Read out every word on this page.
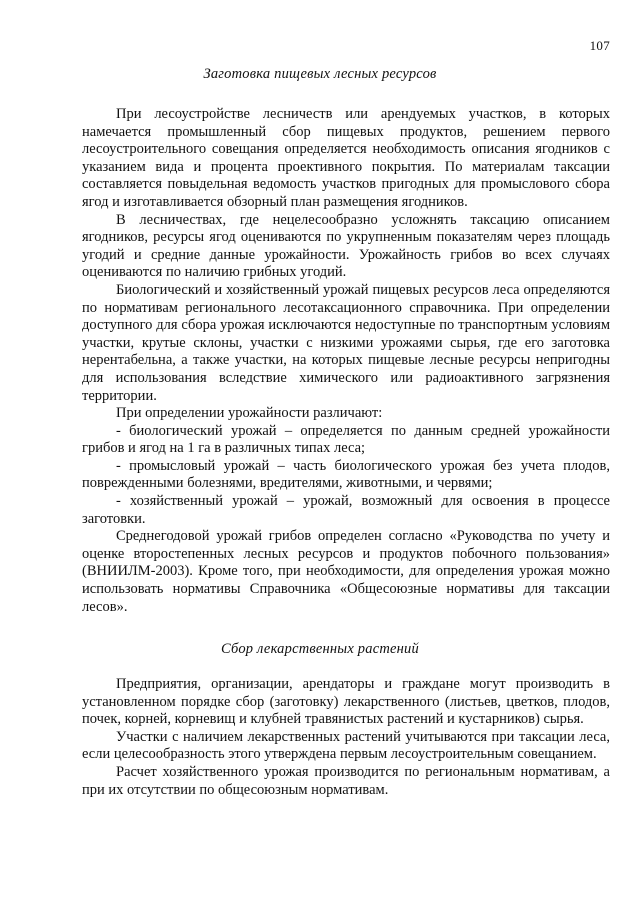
107
Заготовка пищевых лесных ресурсов

При лесоустройстве лесничеств или арендуемых участков, в которых намечается промышленный сбор пищевых продуктов, решением первого лесоустроительного совещания определяется необходимость описания ягодников с указанием вида и процента проективного покрытия. По материалам таксации составляется повыдельная ведомость участков пригодных для промыслового сбора ягод и изготавливается обзорный план размещения ягодников.

В лесничествах, где нецелесообразно усложнять таксацию описанием ягодников, ресурсы ягод оцениваются по укрупненным показателям через площадь угодий и средние данные урожайности. Урожайность грибов во всех случаях оцениваются по наличию грибных угодий.

Биологический и хозяйственный урожай пищевых ресурсов леса определяются по нормативам регионального лесотаксационного справочника. При определении доступного для сбора урожая исключаются недоступные по транспортным условиям участки, крутые склоны, участки с низкими урожаями сырья, где его заготовка нерентабельна, а также участки, на которых пищевые лесные ресурсы непригодны для использования вследствие химического или радиоактивного загрязнения территории.

При определении урожайности различают:

- биологический урожай – определяется по данным средней урожайности грибов и ягод на 1 га в различных типах леса;

- промысловый урожай – часть биологического урожая без учета плодов, поврежденными болезнями, вредителями, животными, и червями;

- хозяйственный урожай – урожай, возможный для освоения в процессе заготовки.

Среднегодовой урожай грибов определен согласно «Руководства по учету и оценке второстепенных лесных ресурсов и продуктов побочного пользования» (ВНИИЛМ-2003). Кроме того, при необходимости, для определения урожая можно использовать нормативы Справочника «Общесоюзные нормативы для таксации лесов».

Сбор лекарственных растений

Предприятия, организации, арендаторы и граждане могут производить в установленном порядке сбор (заготовку) лекарственного (листьев, цветков, плодов, почек, корней, корневищ и клубней травянистых растений и кустарников) сырья.

Участки с наличием лекарственных растений учитываются при таксации леса, если целесообразность этого утверждена первым лесоустроительным совещанием.

Расчет хозяйственного урожая производится по региональным нормативам, а при их отсутствии по общесоюзным нормативам.
